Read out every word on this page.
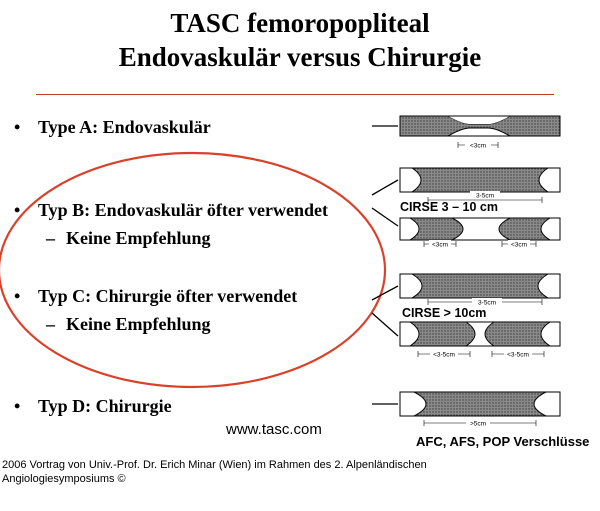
TASC femoropopliteal
Endovaskulär versus Chirurgie
• Type A: Endovaskulär
• Typ B: Endovaskulär öfter verwendet
– Keine Empfehlung
• Typ C: Chirurgie öfter verwendet
– Keine Empfehlung
• Typ D: Chirurgie
<3cm
3-5cm
<3cm	<3cm
3-5cm
<3-5cm	<3-5cm
>5cm
CIRSE 3 – 10 cm
CIRSE > 10cm
www.tasc.com
AFC, AFS, POP Verschlüsse
2006 Vortrag von Univ.-Prof. Dr. Erich Minar (Wien) im Rahmen des 2. Alpenländischen Angiologiesymposiums ©
